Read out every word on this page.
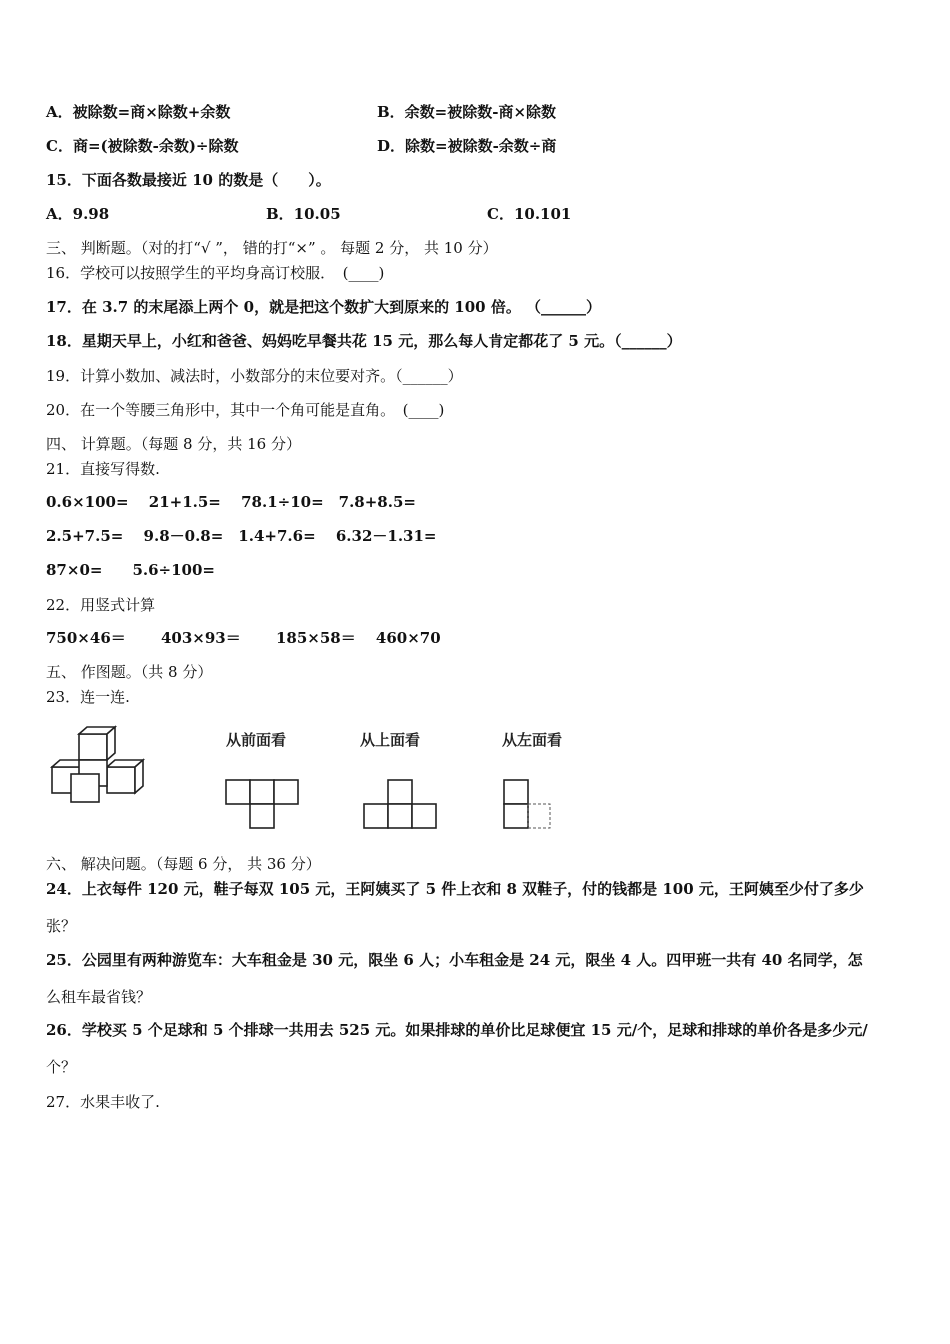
A．被除数=商×除数+余数	B．余数=被除数-商×除数
C．商=(被除数-余数)÷除数	D．除数=被除数-余数÷商
15．下面各数最接近 10 的数是（　　）。
A．9.98	B．10.05	C．10.101
三、 判断题。（对的打“√ ”， 错的打“×” 。 每题 2 分， 共 10 分）
16．学校可以按照学生的平均身高订校服．　(____)
17．在 3.7 的末尾添上两个 0，就是把这个数扩大到原来的 100 倍。 （______）
18．星期天早上，小红和爸爸、妈妈吃早餐共花 15 元，那么每人肯定都花了 5 元。（______）
19．计算小数加、减法时，小数部分的末位要对齐。（______）
20．在一个等腰三角形中，其中一个角可能是直角。　(____)
四、 计算题。（每题 8 分，共 16 分）
21．直接写得数.
0.6×100=　 21+1.5=　 78.1÷10=　7.8+8.5=
2.5+7.5=　 9.8－0.8=　1.4+7.6=　 6.32－1.31=
87×0=　　5.6÷100=
22．用竖式计算
750×46＝　　 403×93＝　　 185×58＝　 460×70
五、 作图题。（共 8 分）
23．连一连.
从前面看	从上面看	从左面看
六、 解决问题。（每题 6 分， 共 36 分）
24．上衣每件 120 元，鞋子每双 105 元，王阿姨买了 5 件上衣和 8 双鞋子，付的钱都是 100 元，王阿姨至少付了多少
张？
25．公园里有两种游览车：大车租金是 30 元，限坐 6 人；小车租金是 24 元，限坐 4 人。四甲班一共有 40 名同学，怎
么租车最省钱？
26．学校买 5 个足球和 5 个排球一共用去 525 元。如果排球的单价比足球便宜 15 元/个，足球和排球的单价各是多少元/
个？
27．水果丰收了.
